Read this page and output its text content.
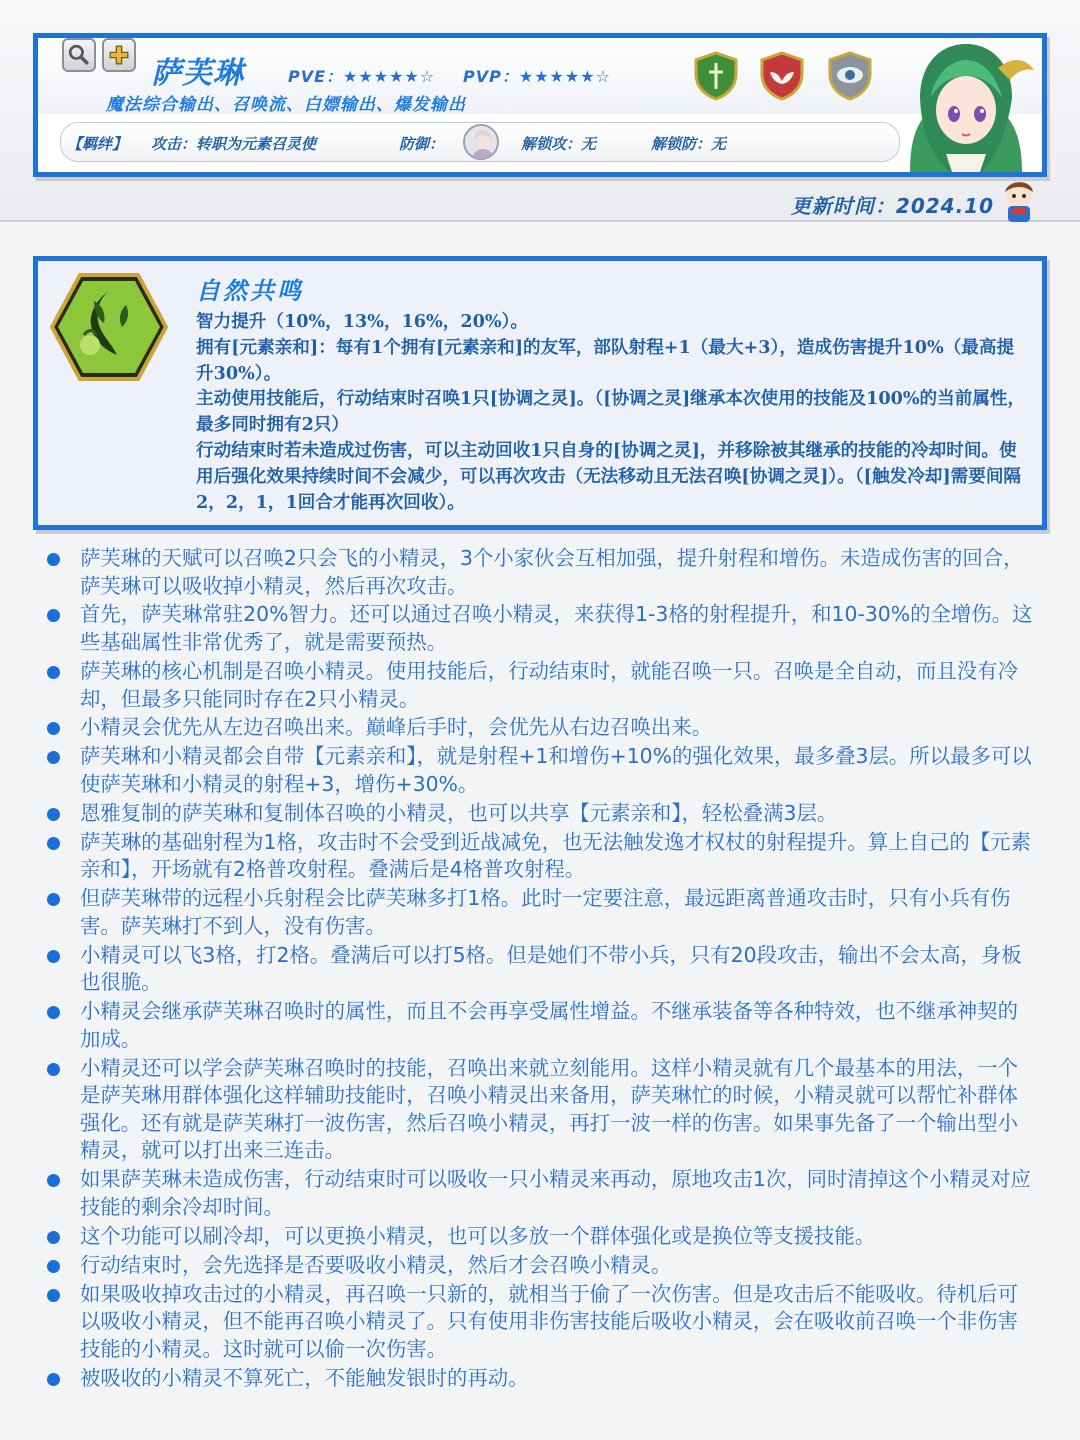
萨芙琳	PVE：★★★★★☆ PVP：★★★★★☆
魔法综合输出、召唤流、白嫖输出、爆发输出
【羁绊】 攻击：转职为元素召灵使	防御：	解锁攻：无	解锁防：无
更新时间：2024.10
自然共鸣

智力提升（10%，13%，16%，20%）。

拥有[元素亲和]：每有1个拥有[元素亲和]的友军，部队射程+1（最大+3），造成伤害提升10%（最高提升30%）。

主动使用技能后，行动结束时召唤1只[协调之灵]。（[协调之灵]继承本次使用的技能及100%的当前属性，最多同时拥有2只）

行动结束时若未造成过伤害，可以主动回收1只自身的[协调之灵]，并移除被其继承的技能的冷却时间。使用后强化效果持续时间不会减少，可以再次攻击（无法移动且无法召唤[协调之灵]）。（[触发冷却]需要间隔2，2，1，1回合才能再次回收）。

萨芙琳的天赋可以召唤2只会飞的小精灵，3个小家伙会互相加强，提升射程和增伤。未造成伤害的回合，萨芙琳可以吸收掉小精灵，然后再次攻击。
首先，萨芙琳常驻20%智力。还可以通过召唤小精灵，来获得1-3格的射程提升，和10-30%的全增伤。这些基础属性非常优秀了，就是需要预热。
萨芙琳的核心机制是召唤小精灵。使用技能后，行动结束时，就能召唤一只。召唤是全自动，而且没有冷却，但最多只能同时存在2只小精灵。
小精灵会优先从左边召唤出来。巅峰后手时，会优先从右边召唤出来。
萨芙琳和小精灵都会自带【元素亲和】，就是射程+1和增伤+10%的强化效果，最多叠3层。所以最多可以使萨芙琳和小精灵的射程+3，增伤+30%。
恩雅复制的萨芙琳和复制体召唤的小精灵，也可以共享【元素亲和】，轻松叠满3层。
萨芙琳的基础射程为1格，攻击时不会受到近战减免，也无法触发逸才权杖的射程提升。算上自己的【元素亲和】，开场就有2格普攻射程。叠满后是4格普攻射程。
但萨芙琳带的远程小兵射程会比萨芙琳多打1格。此时一定要注意，最远距离普通攻击时，只有小兵有伤害。萨芙琳打不到人，没有伤害。
小精灵可以飞3格，打2格。叠满后可以打5格。但是她们不带小兵，只有20段攻击，输出不会太高，身板也很脆。
小精灵会继承萨芙琳召唤时的属性，而且不会再享受属性增益。不继承装备等各种特效，也不继承神契的加成。
小精灵还可以学会萨芙琳召唤时的技能，召唤出来就立刻能用。这样小精灵就有几个最基本的用法，一个是萨芙琳用群体强化这样辅助技能时，召唤小精灵出来备用，萨芙琳忙的时候，小精灵就可以帮忙补群体强化。还有就是萨芙琳打一波伤害，然后召唤小精灵，再打一波一样的伤害。如果事先备了一个输出型小精灵，就可以打出来三连击。
如果萨芙琳未造成伤害，行动结束时可以吸收一只小精灵来再动，原地攻击1次，同时清掉这个小精灵对应技能的剩余冷却时间。
这个功能可以刷冷却，可以更换小精灵，也可以多放一个群体强化或是换位等支援技能。
行动结束时，会先选择是否要吸收小精灵，然后才会召唤小精灵。
如果吸收掉攻击过的小精灵，再召唤一只新的，就相当于偷了一次伤害。但是攻击后不能吸收。待机后可以吸收小精灵，但不能再召唤小精灵了。只有使用非伤害技能后吸收小精灵，会在吸收前召唤一个非伤害技能的小精灵。这时就可以偷一次伤害。
被吸收的小精灵不算死亡，不能触发银时的再动。
